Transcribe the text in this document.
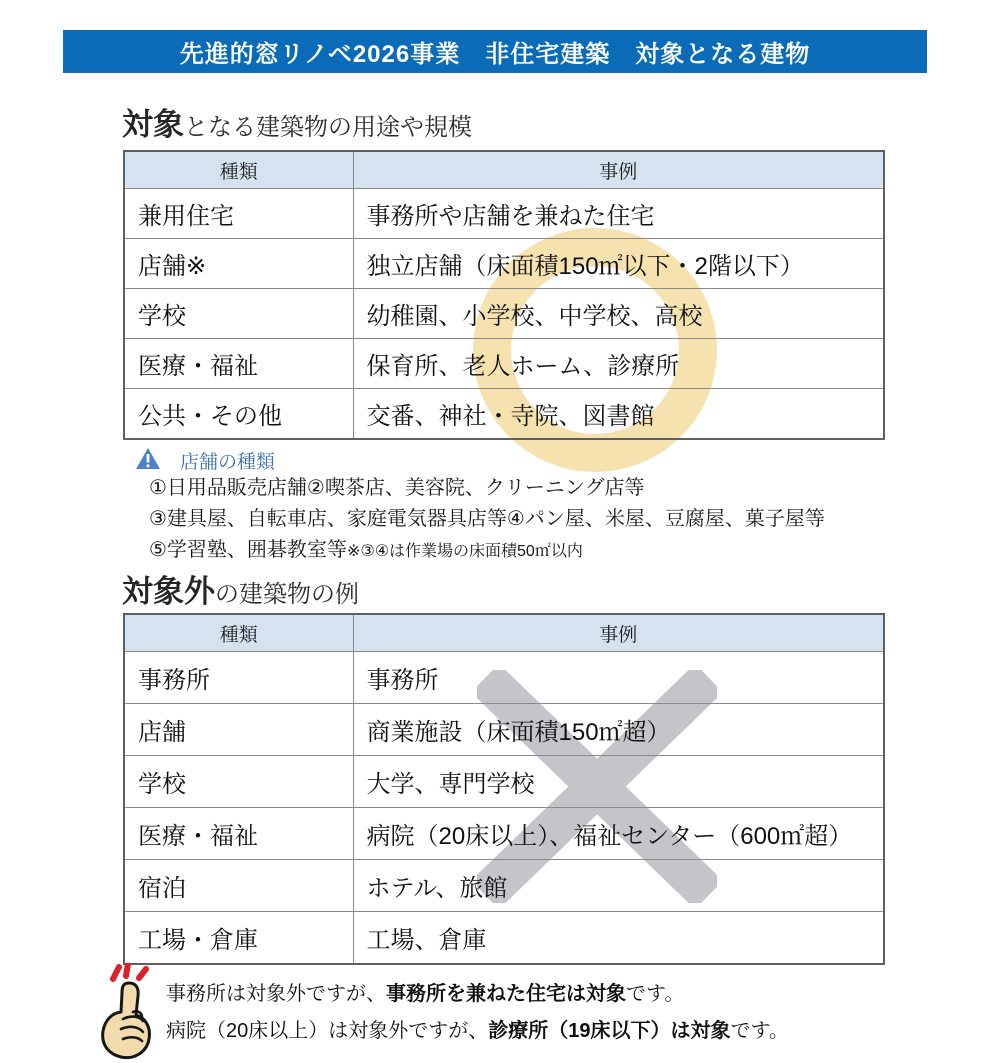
先進的窓リノベ2026事業　非住宅建築　対象となる建物
対象となる建築物の用途や規模
種類	事例
兼用住宅	事務所や店舗を兼ねた住宅
店舗※	独立店舗（床面積150㎡以下・2階以下）
学校	幼稚園、小学校、中学校、高校
医療・福祉	保育所、老人ホーム、診療所
公共・その他	交番、神社・寺院、図書館
店舗の種類
①日用品販売店舗②喫茶店、美容院、クリーニング店等
③建具屋、自転車店、家庭電気器具店等④パン屋、米屋、豆腐屋、菓子屋等
⑤学習塾、囲碁教室等※③④は作業場の床面積50㎡以内
対象外の建築物の例
種類	事例
事務所	事務所
店舗	商業施設（床面積150㎡超）
学校	大学、専門学校
医療・福祉	病院（20床以上）、福祉センター（600㎡超）
宿泊	ホテル、旅館
工場・倉庫	工場、倉庫
事務所は対象外ですが、事務所を兼ねた住宅は対象です。
病院（20床以上）は対象外ですが、診療所（19床以下）は対象です。
